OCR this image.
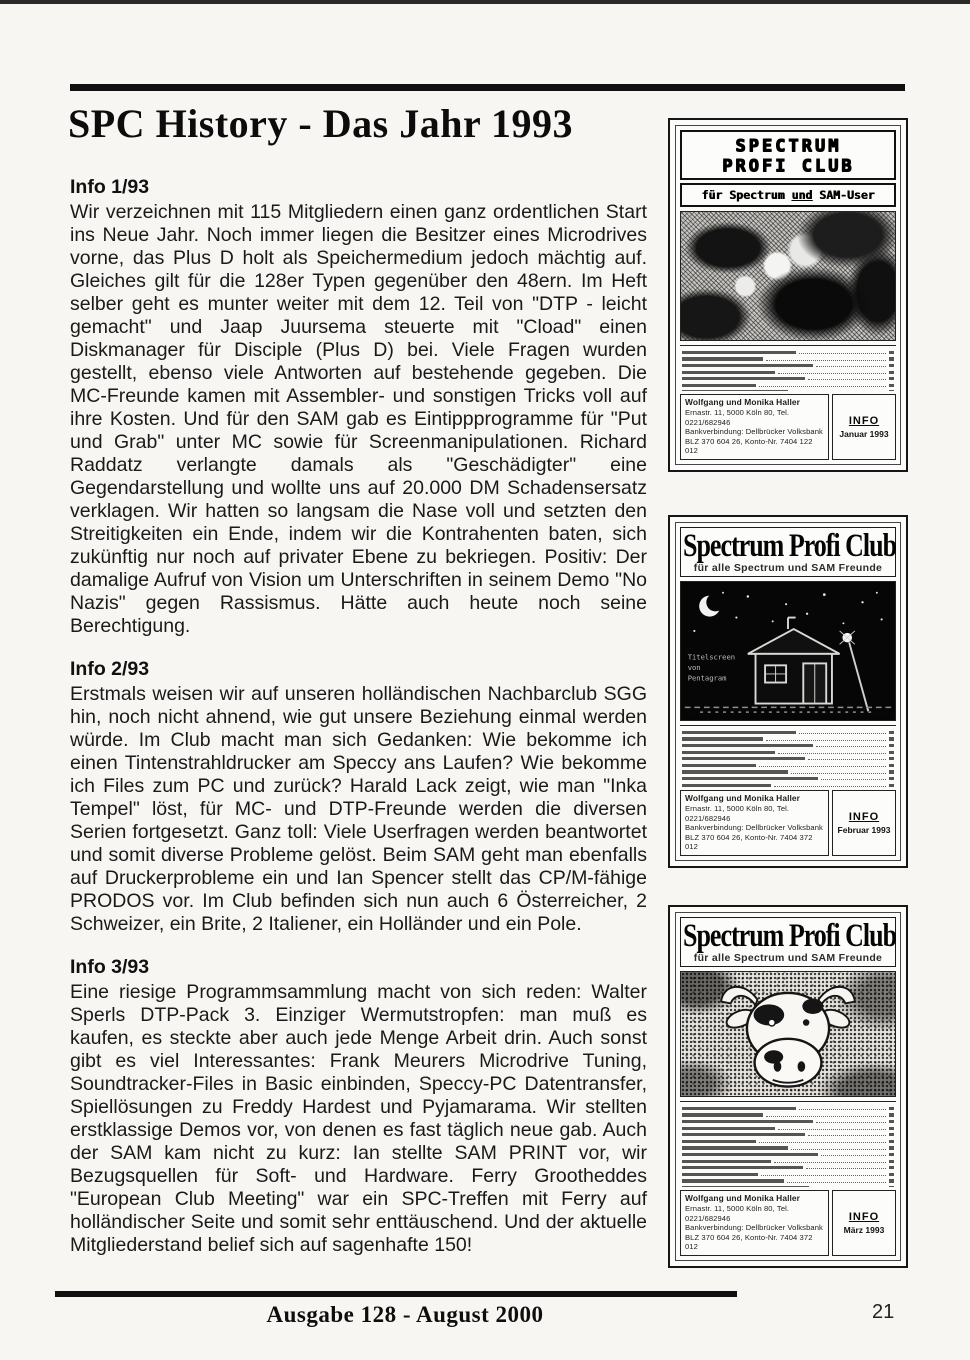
SPC History - Das Jahr 1993
Info 1/93

Wir verzeichnen mit 115 Mitgliedern einen ganz ordentlichen Start ins Neue Jahr. Noch immer liegen die Besitzer eines Microdrives vorne, das Plus D holt als Speichermedium jedoch mächtig auf. Gleiches gilt für die 128er Typen gegenüber den 48ern. Im Heft selber geht es munter weiter mit dem 12. Teil von "DTP - leicht gemacht" und Jaap Juursema steuerte mit "Cload" einen Diskmanager für Disciple (Plus D) bei. Viele Fragen wurden gestellt, ebenso viele Antworten auf bestehende gegeben. Die MC-Freunde kamen mit Assembler- und sonstigen Tricks voll auf ihre Kosten. Und für den SAM gab es Eintippprogramme für "Put und Grab" unter MC sowie für Screenmanipulationen. Richard Raddatz verlangte damals als "Geschädigter" eine Gegendarstellung und wollte uns auf 20.000 DM Schadensersatz verklagen. Wir hatten so langsam die Nase voll und setzten den Streitigkeiten ein Ende, indem wir die Kontrahenten baten, sich zukünftig nur noch auf privater Ebene zu bekriegen. Positiv: Der damalige Aufruf von Vision um Unterschriften in seinem Demo "No Nazis" gegen Rassismus. Hätte auch heute noch seine Berechtigung.

Info 2/93

Erstmals weisen wir auf unseren holländischen Nachbarclub SGG hin, noch nicht ahnend, wie gut unsere Beziehung einmal werden würde. Im Club macht man sich Gedanken: Wie bekomme ich einen Tintenstrahldrucker am Speccy ans Laufen? Wie bekomme ich Files zum PC und zurück? Harald Lack zeigt, wie man "Inka Tempel" löst, für MC- und DTP-Freunde werden die diversen Serien fortgesetzt. Ganz toll: Viele Userfragen werden beantwortet und somit diverse Probleme gelöst. Beim SAM geht man ebenfalls auf Druckerprobleme ein und Ian Spencer stellt das CP/M-fähige PRODOS vor. Im Club befinden sich nun auch 6 Österreicher, 2 Schweizer, ein Brite, 2 Italiener, ein Holländer und ein Pole.

Info 3/93

Eine riesige Programmsammlung macht von sich reden: Walter Sperls DTP-Pack 3. Einziger Wermutstropfen: man muß es kaufen, es steckte aber auch jede Menge Arbeit drin. Auch sonst gibt es viel Interessantes: Frank Meurers Microdrive Tuning, Soundtracker-Files in Basic einbinden, Speccy-PC Datentransfer, Spiellösungen zu Freddy Hardest und Pyjamarama. Wir stellten erstklassige Demos vor, von denen es fast täglich neue gab. Auch der SAM kam nicht zu kurz: Ian stellte SAM PRINT vor, wir Bezugsquellen für Soft- und Hardware. Ferry Grootheddes "European Club Meeting" war ein SPC-Treffen mit Ferry auf holländischer Seite und somit sehr enttäuschend. Und der aktuelle Mitgliederstand belief sich auf sagenhafte 150!

SPECTRUM
PROFI CLUB
für Spectrum und SAM-User
Wolfgang und Monika Haller
Ernastr. 11, 5000 Köln 80, Tel. 0221/682946
Bankverbindung: Dellbrücker Volksbank
BLZ 370 604 26, Konto-Nr. 7404 122 012
INFO
Januar 1993
Spectrum Profi Club
für alle Spectrum und SAM Freunde
Titelscreen
von
Pentagram
Wolfgang und Monika Haller
Ernastr. 11, 5000 Köln 80, Tel. 0221/682946
Bankverbindung: Dellbrücker Volksbank
BLZ 370 604 26, Konto-Nr. 7404 372 012
INFO
Februar 1993
Spectrum Profi Club
für alle Spectrum und SAM Freunde
Wolfgang und Monika Haller
Ernastr. 11, 5000 Köln 80, Tel. 0221/682946
Bankverbindung: Dellbrücker Volksbank
BLZ 370 604 26, Konto-Nr. 7404 372 012
INFO
März 1993
Ausgabe 128 - August 2000	21
